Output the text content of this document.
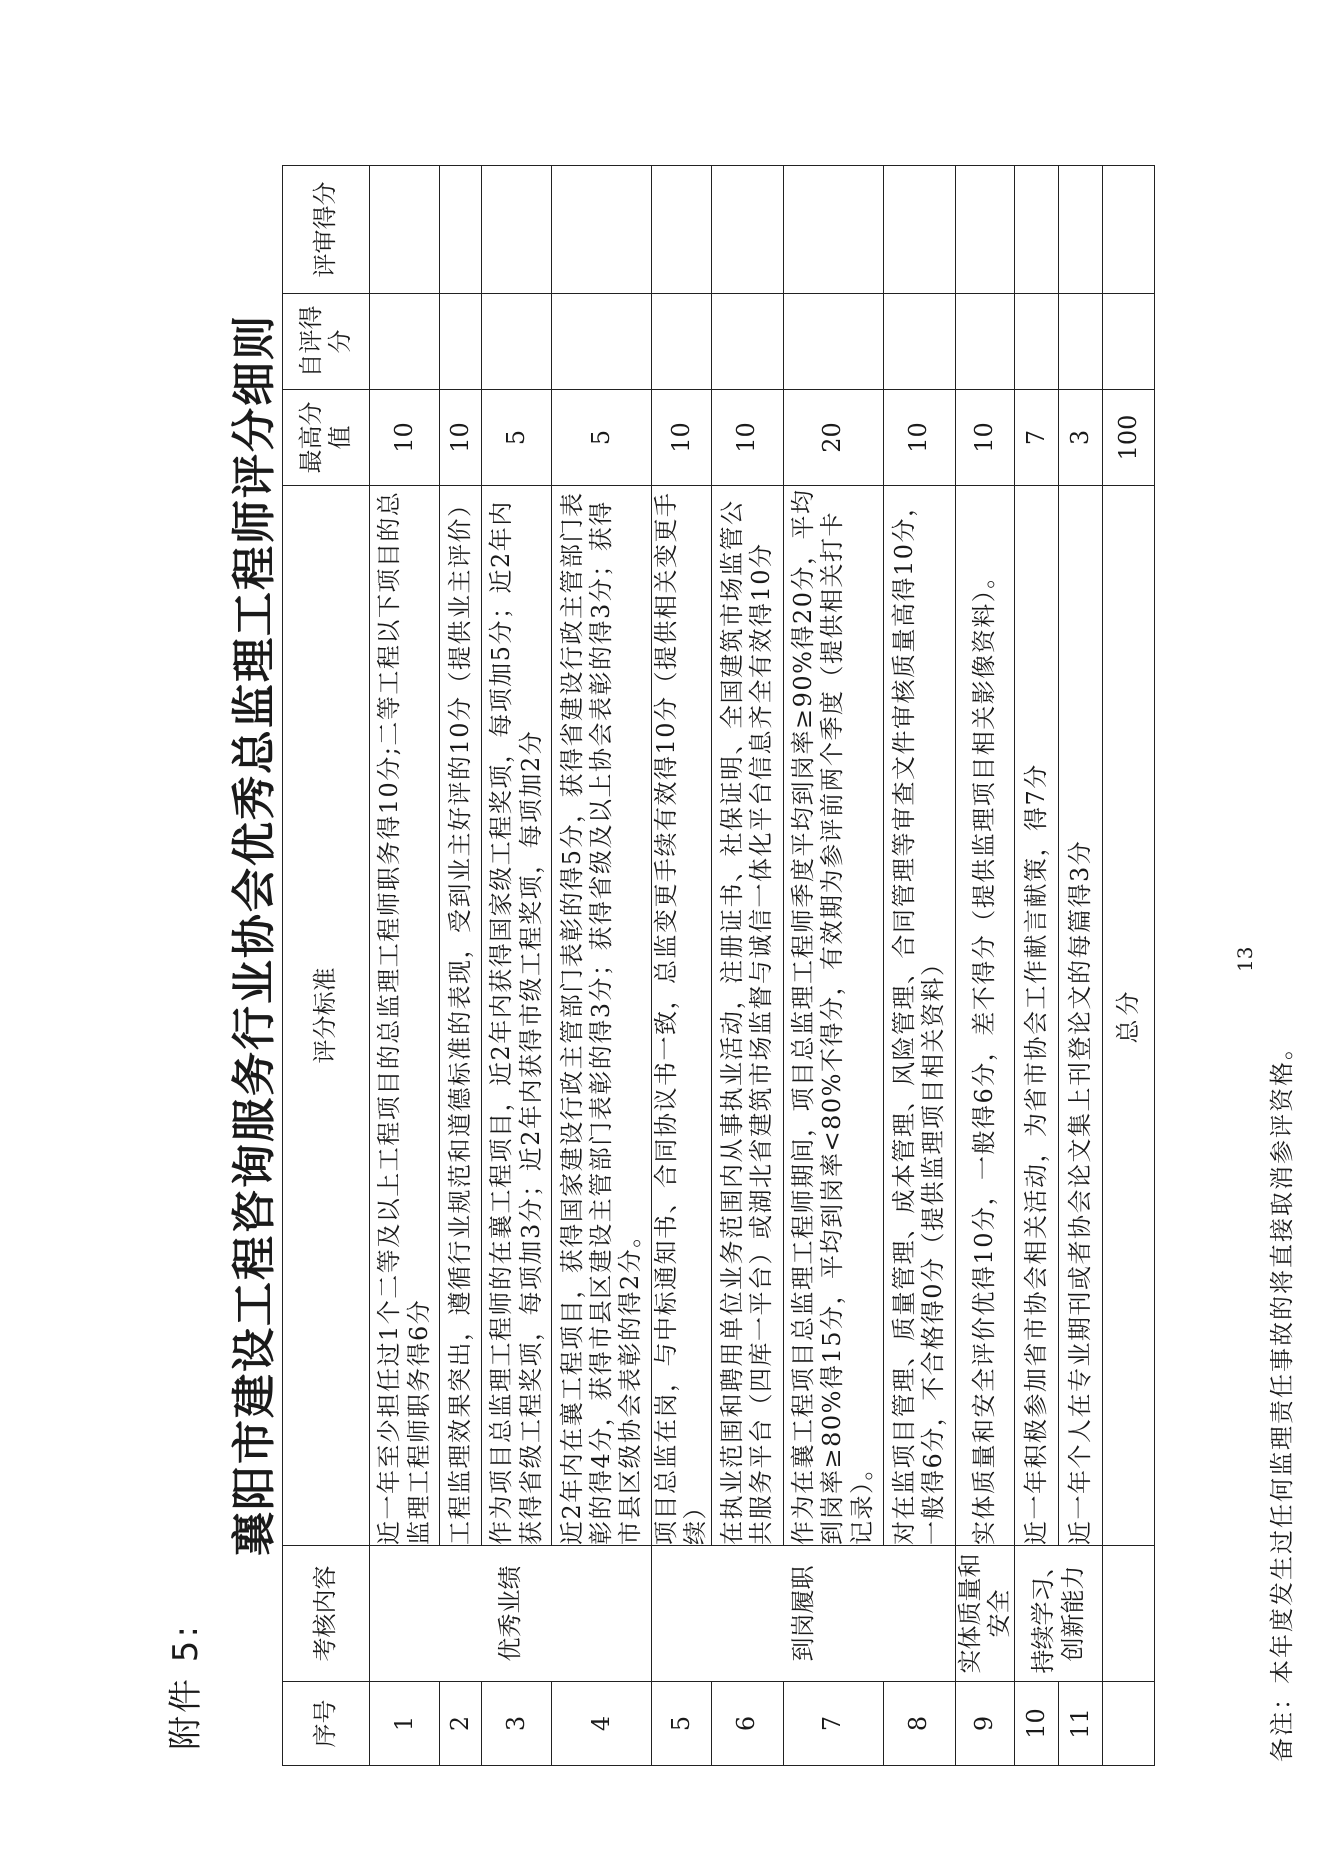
附件 5:
襄阳市建设工程咨询服务行业协会优秀总监理工程师评分细则
序号	考核内容	评分标准	最高分值	自评得分	评审得分
1	优秀业绩	近一年至少担任过1个二等及以上工程项目的总监理工程师职务得10分;二等工程以下项目的总监理工程师职务得6分	10		
2		工程监理效果突出，遵循行业规范和道德标准的表现，受到业主好评的10分（提供业主评价）	10		
3		作为项目总监理工程师的在襄工程项目，近2年内获得国家级工程奖项，每项加5分；近2年内获得省级工程奖项，每项加3分；近2年内获得市级工程奖项，每项加2分	5		
4		近2年内在襄工程项目，获得国家建设行政主管部门表彰的得5分，获得省建设行政主管部门表彰的得4分，获得市县区建设主管部门表彰的得3分；获得省级及以上协会表彰的得3分；获得市县区级协会表彰的得2分。	5		
5	到岗履职	项目总监在岗，与中标通知书、合同协议书一致，总监变更手续有效得10分（提供相关变更手续）	10		
6		在执业范围和聘用单位业务范围内从事执业活动，注册证书、社保证明、全国建筑市场监管公共服务平台（四库一平台）或湖北省建筑市场监督与诚信一体化平台信息齐全有效得10分	10		
7		作为在襄工程项目总监理工程师期间，项目总监理工程师季度平均到岗率≥90%得20分，平均到岗率≥80%得15分，平均到岗率<80%不得分，有效期为参评前两个季度（提供相关打卡记录）。	20		
8		对在监项目管理、质量管理、成本管理、风险管理、合同管理等审查文件审核质量高得10分，一般得6分，不合格得0分（提供监理项目相关资料）	10		
9	实体质量和安全	实体质量和安全评价优得10分，一般得6分，差不得分（提供监理项目相关影像资料）。	10		
10	持续学习、创新能力	近一年积极参加省市协会相关活动，为省市协会工作献言献策，得7分	7		
11		近一年个人在专业期刊或者协会论文集上刊登论文的每篇得3分	3		
		总分	100		
13
备注：本年度发生过任何监理责任事故的将直接取消参评资格。
